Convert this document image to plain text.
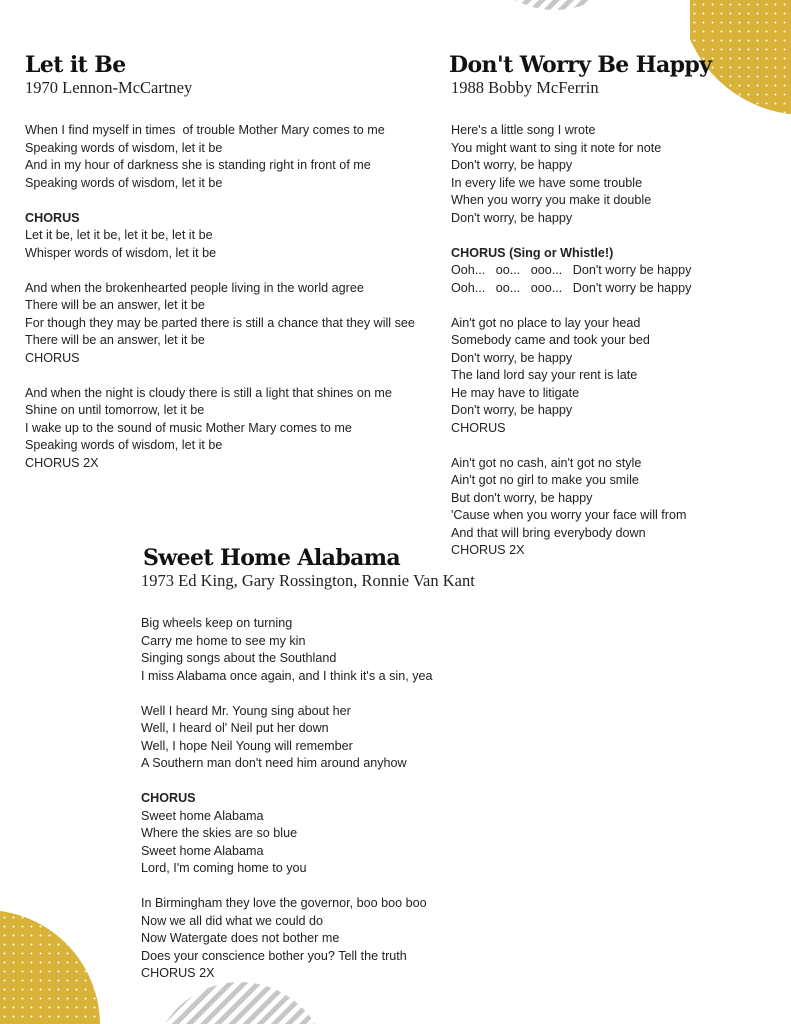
Let it Be
1970 Lennon-McCartney
When I find myself in times  of trouble Mother Mary comes to me
Speaking words of wisdom, let it be
And in my hour of darkness she is standing right in front of me
Speaking words of wisdom, let it be
CHORUS
Let it be, let it be, let it be, let it be
Whisper words of wisdom, let it be
And when the brokenhearted people living in the world agree
There will be an answer, let it be
For though they may be parted there is still a chance that they will see
There will be an answer, let it be
CHORUS
And when the night is cloudy there is still a light that shines on me
Shine on until tomorrow, let it be
I wake up to the sound of music Mother Mary comes to me
Speaking words of wisdom, let it be
CHORUS 2X
Don't Worry Be Happy
1988 Bobby McFerrin
Here's a little song I wrote
You might want to sing it note for note
Don't worry, be happy
In every life we have some trouble
When you worry you make it double
Don't worry, be happy
CHORUS (Sing or Whistle!)
Ooh...   oo...   ooo...   Don't worry be happy
Ooh...   oo...   ooo...   Don't worry be happy
Ain't got no place to lay your head
Somebody came and took your bed
Don't worry, be happy
The land lord say your rent is late
He may have to litigate
Don't worry, be happy
CHORUS
Ain't got no cash, ain't got no style
Ain't got no girl to make you smile
But don't worry, be happy
'Cause when you worry your face will from
And that will bring everybody down
CHORUS 2X
Sweet Home Alabama
1973 Ed King, Gary Rossington, Ronnie Van Kant
Big wheels keep on turning
Carry me home to see my kin
Singing songs about the Southland
I miss Alabama once again, and I think it's a sin, yea
Well I heard Mr. Young sing about her
Well, I heard ol' Neil put her down
Well, I hope Neil Young will remember
A Southern man don't need him around anyhow
CHORUS
Sweet home Alabama
Where the skies are so blue
Sweet home Alabama
Lord, I'm coming home to you
In Birmingham they love the governor, boo boo boo
Now we all did what we could do
Now Watergate does not bother me
Does your conscience bother you? Tell the truth
CHORUS 2X
